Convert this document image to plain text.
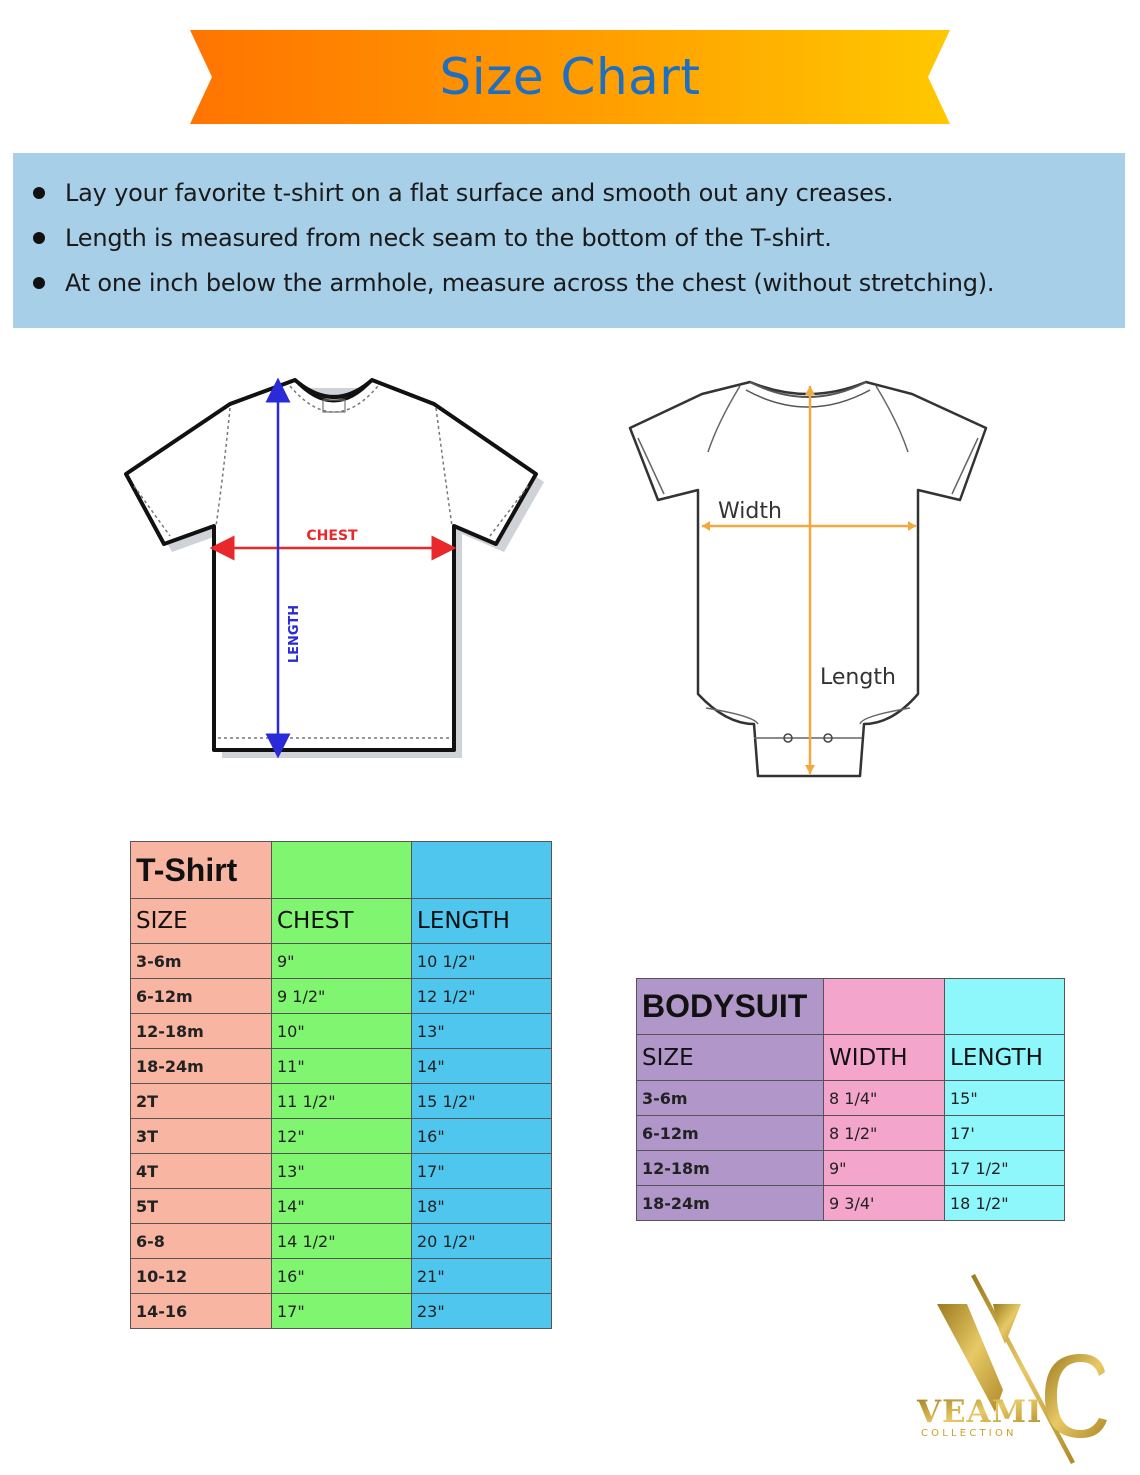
Size Chart
Lay your favorite t-shirt on a flat surface and smooth out any creases.
Length is measured from neck seam to the bottom of the T-shirt.
At one inch below the armhole, measure across the chest (without stretching).
CHEST
LENGTH
Width
Length
T-Shirt		
SIZE	CHEST	LENGTH
3-6m	9"	10 1/2"
6-12m	9 1/2"	12 1/2"
12-18m	10"	13"
18-24m	11"	14"
2T	11 1/2"	15 1/2"
3T	12"	16"
4T	13"	17"
5T	14"	18"
6-8	14 1/2"	20 1/2"
10-12	16"	21"
14-16	17"	23"
BODYSUIT		
SIZE	WIDTH	LENGTH
3-6m	8 1/4"	15"
6-12m	8 1/2"	17'
12-18m	9"	17 1/2"
18-24m	9 3/4'	18 1/2"
VEAMI
COLLECTION
